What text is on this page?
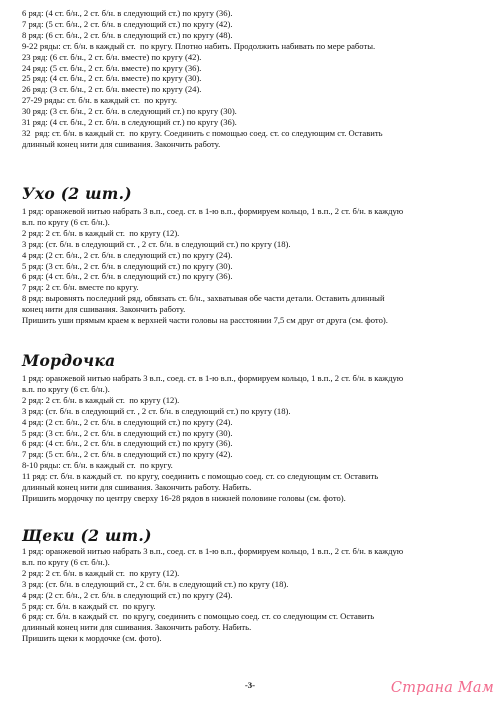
6 ряд: (4 ст. б/н., 2 ст. б/н. в следующий ст.) по кругу (36).
7 ряд: (5 ст. б/н., 2 ст. б/н. в следующий ст.) по кругу (42).
8 ряд: (6 ст. б/н., 2 ст. б/н. в следующий ст.) по кругу (48).
9-22 ряды: ст. б/н. в каждый ст.  по кругу. Плотно набить. Продолжить набивать по мере работы.
23 ряд: (6 ст. б/н., 2 ст. б/н. вместе) по кругу (42).
24 ряд: (5 ст. б/н., 2 ст. б/н. вместе) по кругу (36).
25 ряд: (4 ст. б/н., 2 ст. б/н. вместе) по кругу (30).
26 ряд: (3 ст. б/н., 2 ст. б/н. вместе) по кругу (24).
27-29 ряды: ст. б/н. в каждый ст.  по кругу.
30 ряд: (3 ст. б/н., 2 ст. б/н. в следующий ст.) по кругу (30).
31 ряд: (4 ст. б/н., 2 ст. б/н. в следующий ст.) по кругу (36).
32  ряд: ст. б/н. в каждый ст.  по кругу. Соединить с помощью соед. ст. со следующим ст. Оставить
длинный конец нити для сшивания. Закончить работу.
Ухо (2 шт.)
1 ряд: оранжевой нитью набрать 3 в.п., соед. ст. в 1-ю в.п., формируем кольцо, 1 в.п., 2 ст. б/н. в каждую
в.п. по кругу (6 ст. б/н.).
2 ряд: 2 ст. б/н. в каждый ст.  по кругу (12).
3 ряд: (ст. б/н. в следующий ст. , 2 ст. б/н. в следующий ст.) по кругу (18).
4 ряд: (2 ст. б/н., 2 ст. б/н. в следующий ст.) по кругу (24).
5 ряд: (3 ст. б/н., 2 ст. б/н. в следующий ст.) по кругу (30).
6 ряд: (4 ст. б/н., 2 ст. б/н. в следующий ст.) по кругу (36).
7 ряд: 2 ст. б/н. вместе по кругу.
8 ряд: выровнять последний ряд, обвязать ст. б/н., захватывая обе части детали. Оставить длинный
конец нити для сшивания. Закончить работу.
Пришить уши прямым краем к верхней части головы на расстоянии 7,5 см друг от друга (см. фото).
Мордочка
1 ряд: оранжевой нитью набрать 3 в.п., соед. ст. в 1-ю в.п., формируем кольцо, 1 в.п., 2 ст. б/н. в каждую
в.п. по кругу (6 ст. б/н.).
2 ряд: 2 ст. б/н. в каждый ст.  по кругу (12).
3 ряд: (ст. б/н. в следующий ст. , 2 ст. б/н. в следующий ст.) по кругу (18).
4 ряд: (2 ст. б/н., 2 ст. б/н. в следующий ст.) по кругу (24).
5 ряд: (3 ст. б/н., 2 ст. б/н. в следующий ст.) по кругу (30).
6 ряд: (4 ст. б/н., 2 ст. б/н. в следующий ст.) по кругу (36).
7 ряд: (5 ст. б/н., 2 ст. б/н. в следующий ст.) по кругу (42).
8-10 ряды: ст. б/н. в каждый ст.  по кругу.
11 ряд: ст. б/н. в каждый ст.  по кругу, соединить с помощью соед. ст. со следующим ст. Оставить
длинный конец нити для сшивания. Закончить работу. Набить.
Пришить мордочку по центру сверху 16-28 рядов в нижней половине головы (см. фото).
Щеки (2 шт.)
1 ряд: оранжевой нитью набрать 3 в.п., соед. ст. в 1-ю в.п., формируем кольцо, 1 в.п., 2 ст. б/н. в каждую
в.п. по кругу (6 ст. б/н.).
2 ряд: 2 ст. б/н. в каждый ст.  по кругу (12).
3 ряд: (ст. б/н. в следующий ст., 2 ст. б/н. в следующий ст.) по кругу (18).
4 ряд: (2 ст. б/н., 2 ст. б/н. в следующий ст.) по кругу (24).
5 ряд: ст. б/н. в каждый ст.  по кругу.
6 ряд: ст. б/н. в каждый ст.  по кругу, соединить с помощью соед. ст. со следующим ст. Оставить
длинный конец нити для сшивания. Закончить работу. Набить.
Пришить щеки к мордочке (см. фото).
-3-	Страна Мам
